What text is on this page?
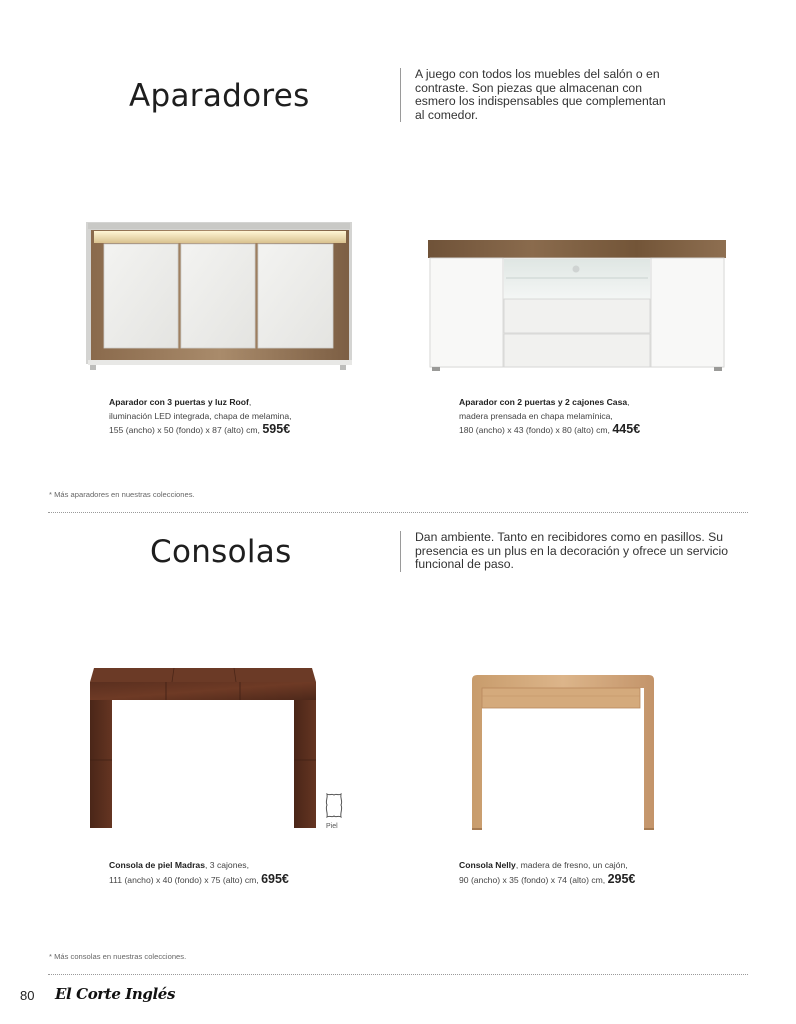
Aparadores
A juego con todos los muebles del salón o en contraste. Son piezas que almacenan con esmero los indispensables que complementan al comedor.
Aparador con 3 puertas y luz Roof,
iluminación LED integrada, chapa de melamina,
155 (ancho) x 50 (fondo) x 87 (alto) cm, 595€
Aparador con 2 puertas y 2 cajones Casa,
madera prensada en chapa melamínica,
180 (ancho) x 43 (fondo) x 80 (alto) cm, 445€
* Más aparadores en nuestras colecciones.
Consolas	Dan ambiente. Tanto en recibidores como en pasillos. Su presencia es un plus en la decoración y ofrece un servicio funcional de paso.
Piel
Consola de piel Madras, 3 cajones,
111 (ancho) x 40 (fondo) x 75 (alto) cm, 695€
Consola Nelly, madera de fresno, un cajón,
90 (ancho) x 35 (fondo) x 74 (alto) cm, 295€
* Más consolas en nuestras colecciones.
80 El Corte Inglés
